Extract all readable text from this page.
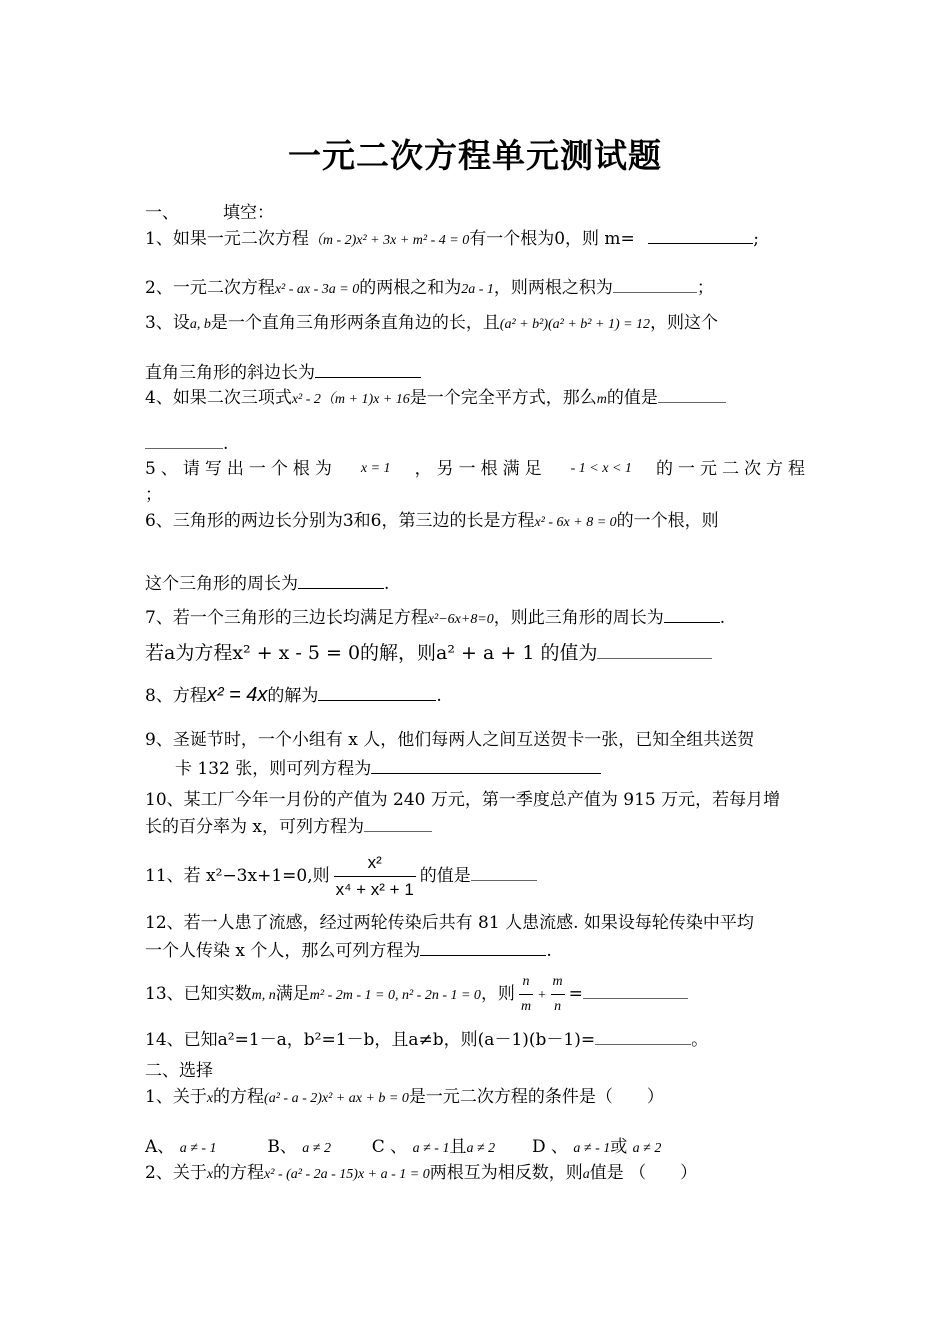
一元二次方程单元测试题
一、	填空：
1、如果一元二次方程（m - 2)x² + 3x + m² - 4 = 0有一个根为0，则 m=	;
2、一元二次方程x² - ax - 3a = 0的两根之和为2a - 1，则两根之积为	；
3、设a, b是一个直角三角形两条直角边的长，且(a² + b²)(a² + b² + 1) = 12，则这个
直角三角形的斜边长为
4、如果二次三项式x² - 2（m + 1)x + 16是一个完全平方式，那么m的值是
.
5、请写出一个根为 x = 1 ，另一根满足 - 1 < x < 1 的一元二次方程
；
6、三角形的两边长分别为3和6，第三边的长是方程x² - 6x + 8 = 0的一个根，则
这个三角形的周长为	.
7、若一个三角形的三边长均满足方程x²−6x+8=0，则此三角形的周长为	.
若a为方程x² + x - 5 = 0的解，则a² + a + 1 的值为
8、方程x² = 4x的解为	.
9、圣诞节时，一个小组有 x 人，他们每两人之间互送贺卡一张，已知全组共送贺
卡 132 张，则可列方程为
10、某工厂今年一月份的产值为 240 万元，第一季度总产值为 915 万元，若每月增
长的百分率为 x，可列方程为
11、若 x²−3x+1=0,则 $\frac{\text{x²}}{\text{x⁴ + x² + 1}}$ 的值是
12、若一人患了流感，经过两轮传染后共有 81 人患流感. 如果设每轮传染中平均
一个人传染 x 个人，那么可列方程为	.
13、已知实数m, n满足m² - 2m - 1 = 0, n² - 2n - 1 = 0，则 $\frac{n}{m} + \frac{m}{n}$ =
14、已知a²=1－a，b²=1－b，且a≠b，则(a－1)(b－1)=	。
二、选择
1、关于x的方程(a² - a - 2)x² + ax + b = 0是一元二次方程的条件是（　　）
A、 a ≠ - 1	B、 a ≠ 2 C 、 a ≠ - 1且a ≠ 2 D 、 a ≠ - 1或 a ≠ 2
2、关于x的方程x² - (a² - 2a - 15)x + a - 1 = 0两根互为相反数，则a值是 （　　）
